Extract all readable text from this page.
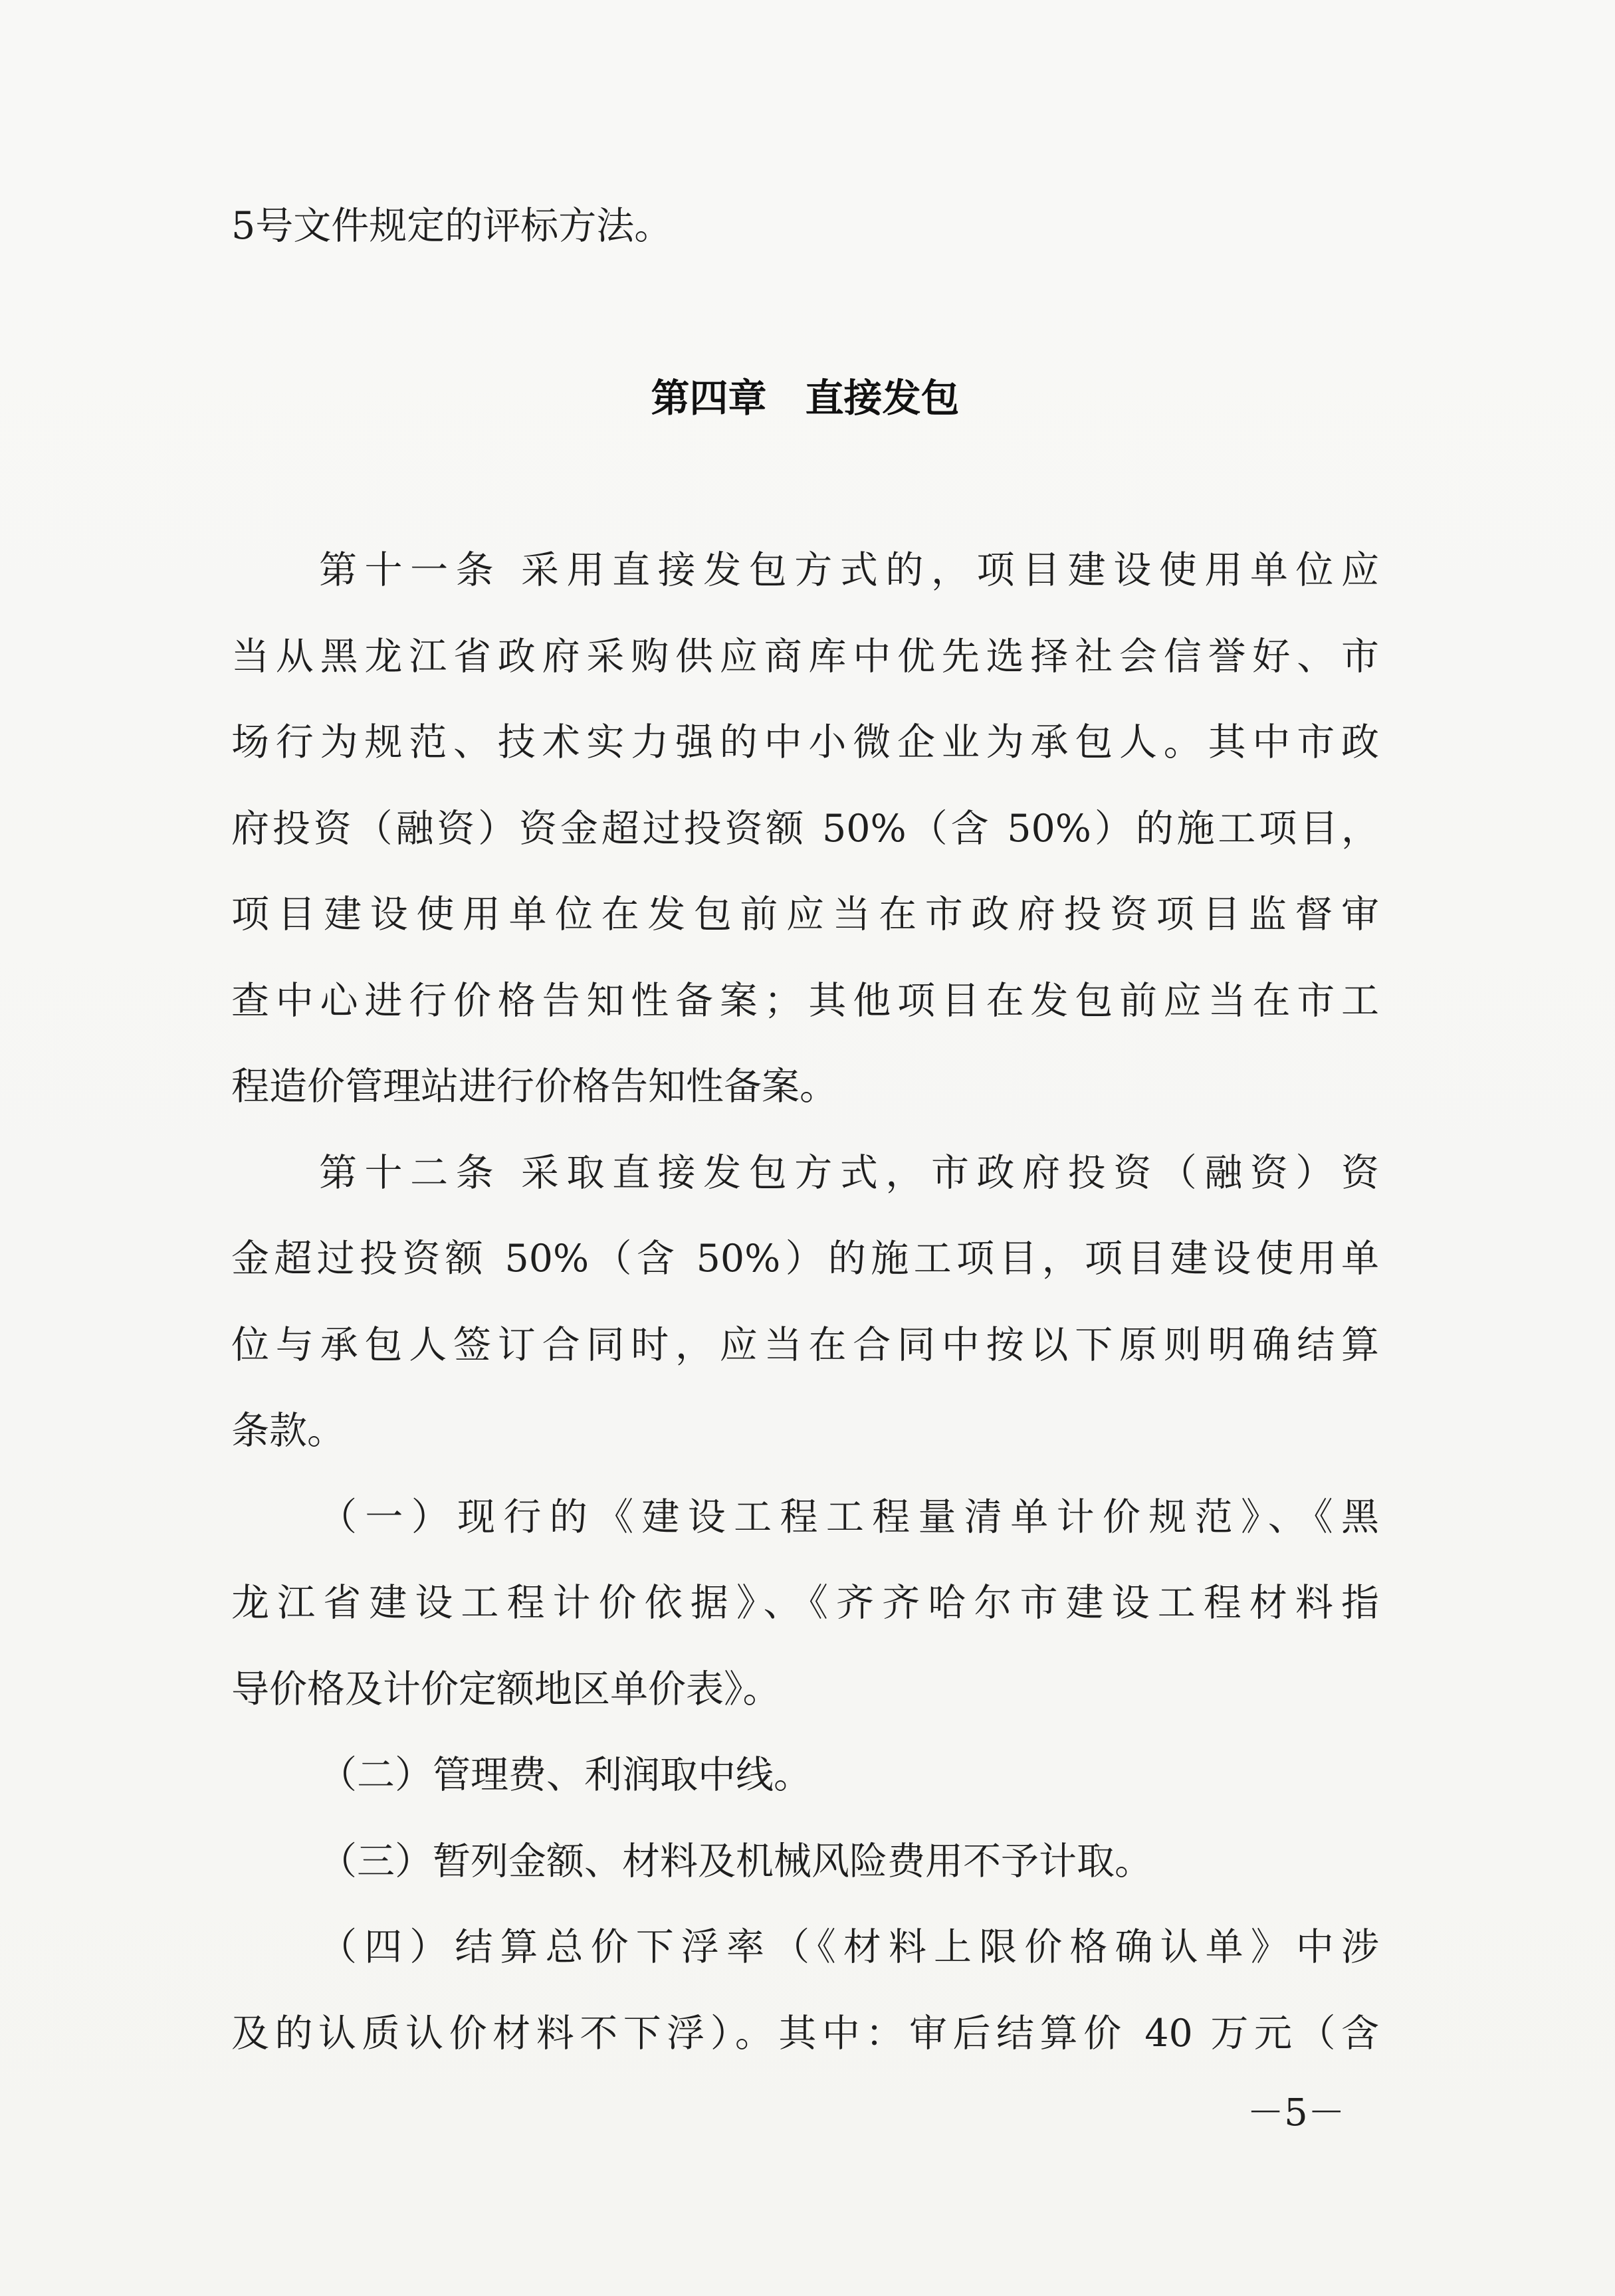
5号文件规定的评标方法。
第四章　直接发包
第十一条 采用直接发包方式的，项目建设使用单位应
当从黑龙江省政府采购供应商库中优先选择社会信誉好、市
场行为规范、技术实力强的中小微企业为承包人。其中市政
府投资（融资）资金超过投资额 50%（含 50%）的施工项目，
项目建设使用单位在发包前应当在市政府投资项目监督审
查中心进行价格告知性备案；其他项目在发包前应当在市工
程造价管理站进行价格告知性备案。
第十二条 采取直接发包方式，市政府投资（融资）资
金超过投资额 50%（含 50%）的施工项目，项目建设使用单
位与承包人签订合同时，应当在合同中按以下原则明确结算
条款。
（一）现行的《建设工程工程量清单计价规范》、《黑
龙江省建设工程计价依据》、《齐齐哈尔市建设工程材料指
导价格及计价定额地区单价表》。
（二）管理费、利润取中线。
（三）暂列金额、材料及机械风险费用不予计取。
（四）结算总价下浮率（《材料上限价格确认单》中涉
及的认质认价材料不下浮）。其中：审后结算价 40 万元（含
－5－
